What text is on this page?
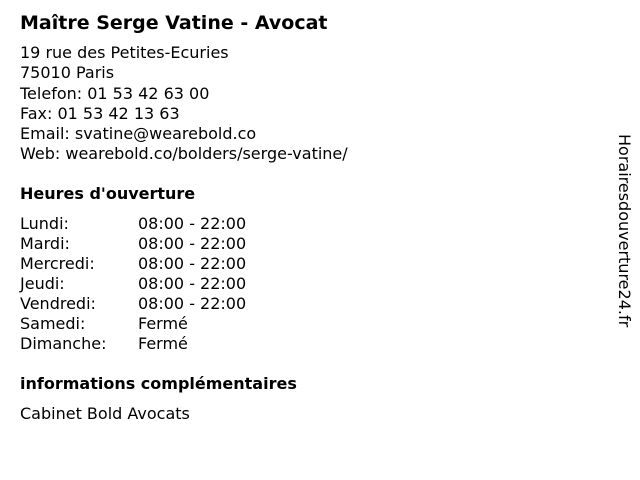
Maître Serge Vatine - Avocat
19 rue des Petites-Ecuries
75010 Paris
Telefon: 01 53 42 63 00
Fax: 01 53 42 13 63
Email: svatine@wearebold.co
Web: wearebold.co/bolders/serge-vatine/
Heures d'ouverture
Lundi:	08:00 - 22:00
Mardi:	08:00 - 22:00
Mercredi:	08:00 - 22:00
Jeudi:	08:00 - 22:00
Vendredi:	08:00 - 22:00
Samedi:	Fermé
Dimanche: Fermé
informations complémentaires
Cabinet Bold Avocats
Horairesdouverture24.fr
